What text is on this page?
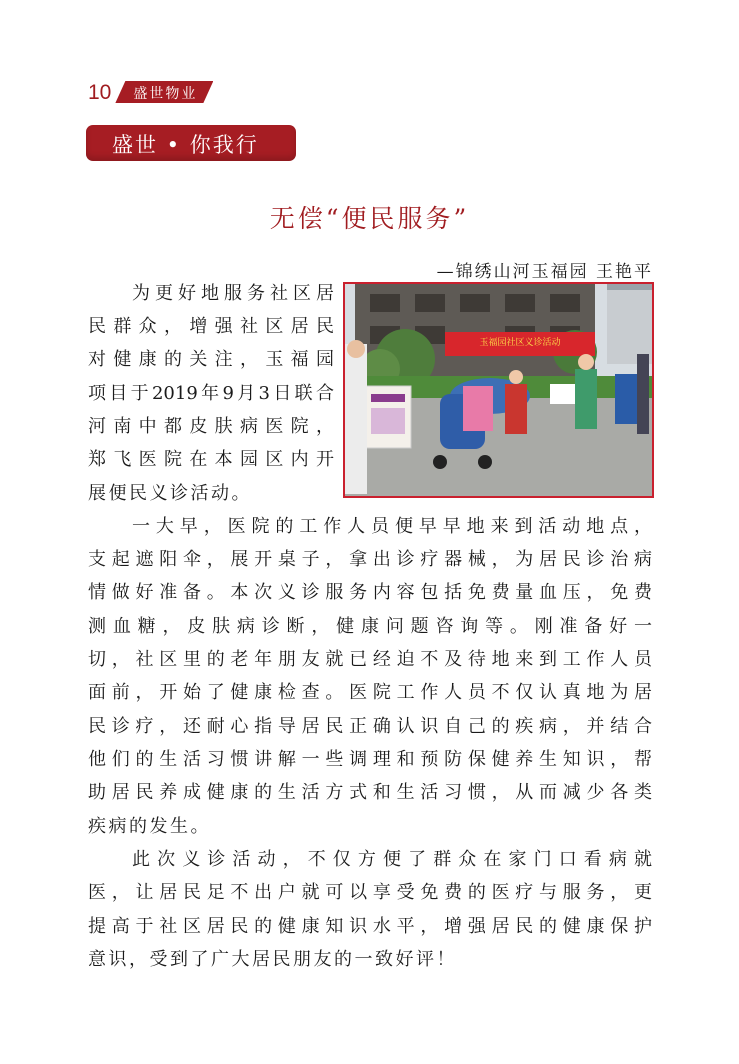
10 盛世物业
盛世 • 你我行
无偿“便民服务”
—锦绣山河玉福园 王艳平
玉福园社区义诊活动
为更好地服务社区居
民群众，增强社区居民
对健康的关注，玉福园
项目于2019年9月3日联合
河南中都皮肤病医院，
郑飞医院在本园区内开
展便民义诊活动。
一大早，医院的工作人员便早早地来到活动地点，
支起遮阳伞，展开桌子，拿出诊疗器械，为居民诊治病
情做好准备。本次义诊服务内容包括免费量血压，免费
测血糖，皮肤病诊断，健康问题咨询等。刚准备好一
切，社区里的老年朋友就已经迫不及待地来到工作人员
面前，开始了健康检查。医院工作人员不仅认真地为居
民诊疗，还耐心指导居民正确认识自己的疾病，并结合
他们的生活习惯讲解一些调理和预防保健养生知识，帮
助居民养成健康的生活方式和生活习惯，从而减少各类
疾病的发生。
此次义诊活动，不仅方便了群众在家门口看病就
医，让居民足不出户就可以享受免费的医疗与服务，更
提高于社区居民的健康知识水平，增强居民的健康保护
意识，受到了广大居民朋友的一致好评！
